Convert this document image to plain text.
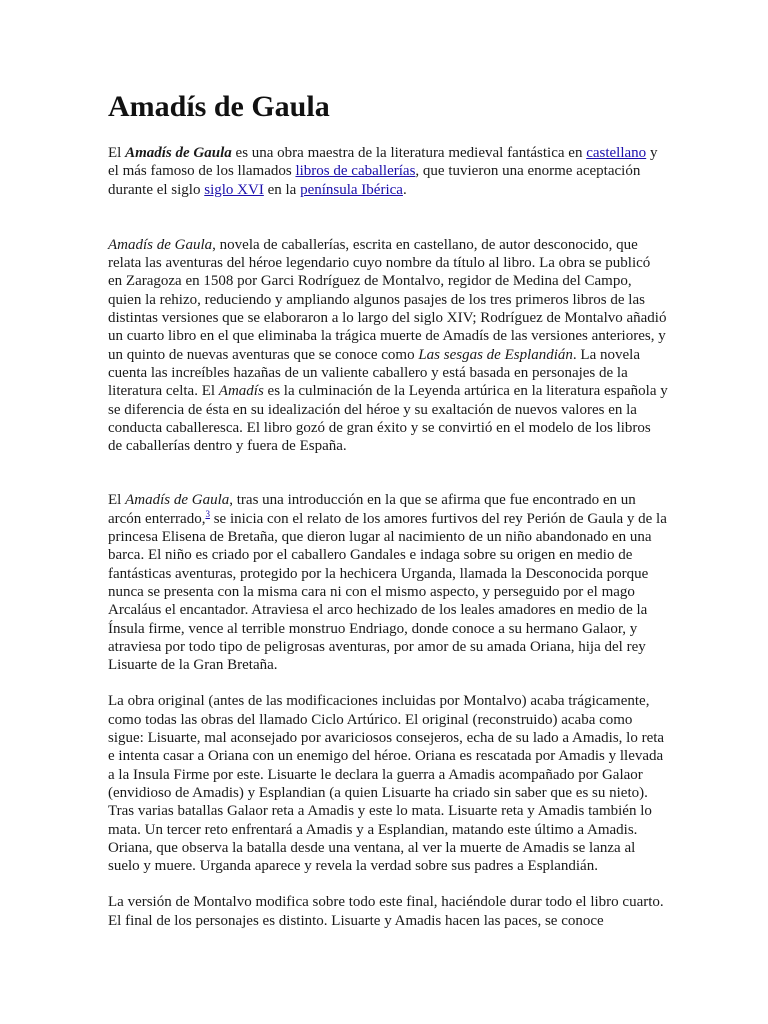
Amadís de Gaula

El Amadís de Gaula es una obra maestra de la literatura medieval fantástica en castellano y el más famoso de los llamados libros de caballerías, que tuvieron una enorme aceptación durante el siglo siglo XVI en la península Ibérica.

Amadís de Gaula, novela de caballerías, escrita en castellano, de autor desconocido, que relata las aventuras del héroe legendario cuyo nombre da título al libro. La obra se publicó en Zaragoza en 1508 por Garci Rodríguez de Montalvo, regidor de Medina del Campo, quien la rehizo, reduciendo y ampliando algunos pasajes de los tres primeros libros de las distintas versiones que se elaboraron a lo largo del siglo XIV; Rodríguez de Montalvo añadió un cuarto libro en el que eliminaba la trágica muerte de Amadís de las versiones anteriores, y un quinto de nuevas aventuras que se conoce como Las sesgas de Esplandián. La novela cuenta las increíbles hazañas de un valiente caballero y está basada en personajes de la literatura celta. El Amadís es la culminación de la Leyenda artúrica en la literatura española y se diferencia de ésta en su idealización del héroe y su exaltación de nuevos valores en la conducta caballeresca. El libro gozó de gran éxito y se convirtió en el modelo de los libros de caballerías dentro y fuera de España.

El Amadís de Gaula, tras una introducción en la que se afirma que fue encontrado en un arcón enterrado,$^3$ se inicia con el relato de los amores furtivos del rey Perión de Gaula y de la princesa Elisena de Bretaña, que dieron lugar al nacimiento de un niño abandonado en una barca. El niño es criado por el caballero Gandales e indaga sobre su origen en medio de fantásticas aventuras, protegido por la hechicera Urganda, llamada la Desconocida porque nunca se presenta con la misma cara ni con el mismo aspecto, y perseguido por el mago Arcaláus el encantador. Atraviesa el arco hechizado de los leales amadores en medio de la Ínsula firme, vence al terrible monstruo Endriago, donde conoce a su hermano Galaor, y atraviesa por todo tipo de peligrosas aventuras, por amor de su amada Oriana, hija del rey Lisuarte de la Gran Bretaña.

La obra original (antes de las modificaciones incluidas por Montalvo) acaba trágicamente, como todas las obras del llamado Ciclo Artúrico. El original (reconstruido) acaba como sigue: Lisuarte, mal aconsejado por avariciosos consejeros, echa de su lado a Amadis, lo reta e intenta casar a Oriana con un enemigo del héroe. Oriana es rescatada por Amadis y llevada a la Insula Firme por este. Lisuarte le declara la guerra a Amadis acompañado por Galaor (envidioso de Amadis) y Esplandian (a quien Lisuarte ha criado sin saber que es su nieto). Tras varias batallas Galaor reta a Amadis y este lo mata. Lisuarte reta y Amadis también lo mata. Un tercer reto enfrentará a Amadis y a Esplandian, matando este último a Amadis. Oriana, que observa la batalla desde una ventana, al ver la muerte de Amadis se lanza al suelo y muere. Urganda aparece y revela la verdad sobre sus padres a Esplandián.

La versión de Montalvo modifica sobre todo este final, haciéndole durar todo el libro cuarto. El final de los personajes es distinto. Lisuarte y Amadis hacen las paces, se conoce
